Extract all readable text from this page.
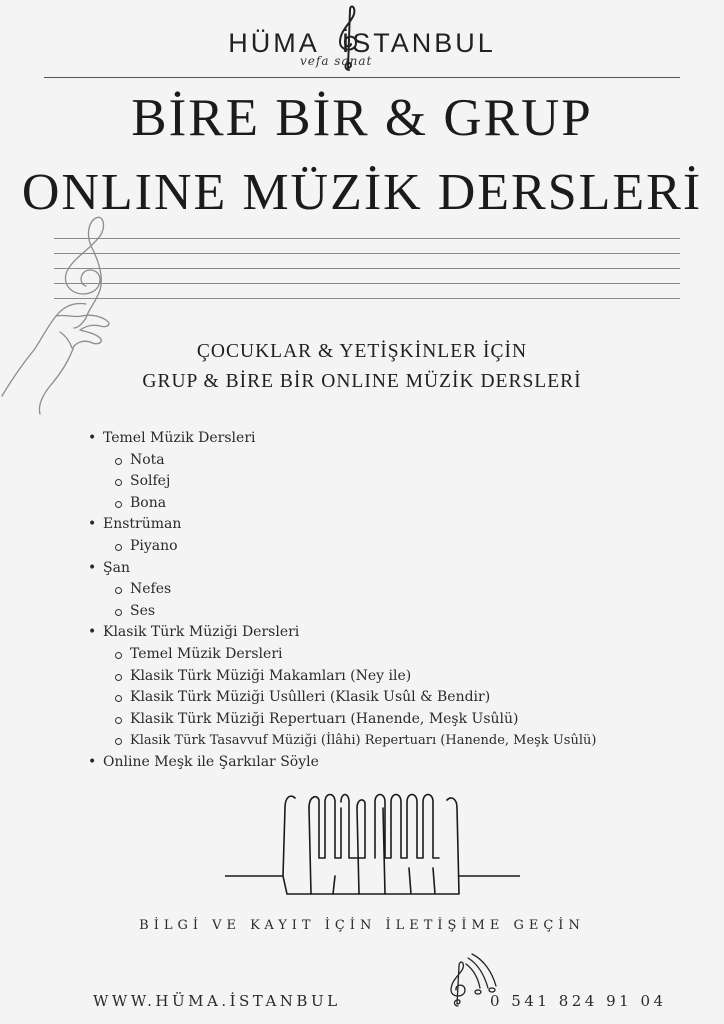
HÜMA İSTANBUL
vefa sanat
BİRE BİR & GRUP
ONLINE MÜZİK DERSLERİ
ÇOCUKLAR & YETİŞKİNLER İÇİN
GRUP & BİRE BİR ONLINE MÜZİK DERSLERİ
• Temel Müzik Dersleri
Nota
Solfej
Bona
• Enstrüman
Piyano
• Şan
Nefes
Ses
• Klasik Türk Müziği Dersleri
Temel Müzik Dersleri
Klasik Türk Müziği Makamları (Ney ile)
Klasik Türk Müziği Usûlleri (Klasik Usûl & Bendir)
Klasik Türk Müziği Repertuarı (Hanende, Meşk Usûlü)
Klasik Türk Tasavvuf Müziği (İlâhi) Repertuarı (Hanende, Meşk Usûlü)
• Online Meşk ile Şarkılar Söyle
BİLGİ VE KAYIT İÇİN İLETİŞİME GEÇİN
WWW.HÜMA.İSTANBUL	0 541 824 91 04
